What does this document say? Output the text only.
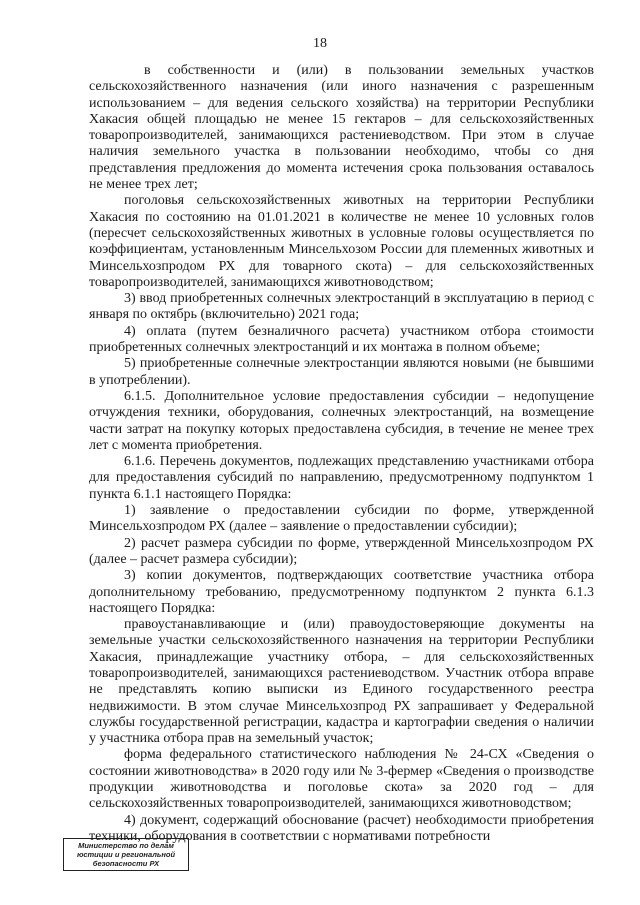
18

в собственности и (или) в пользовании земельных участков сельскохозяйственного назначения (или иного назначения с разрешенным использованием – для ведения сельского хозяйства) на территории Республики Хакасия общей площадью не менее 15 гектаров – для сельскохозяйственных товаропроизводителей, занимающихся растениеводством. При этом в случае наличия земельного участка в пользовании необходимо, чтобы со дня представления предложения до момента истечения срока пользования оставалось не менее трех лет;

поголовья сельскохозяйственных животных на территории Республики Хакасия по состоянию на 01.01.2021 в количестве не менее 10 условных голов (пересчет сельскохозяйственных животных в условные головы осуществляется по коэффициентам, установленным Минсельхозом России для племенных животных и Минсельхозпродом РХ для товарного скота) – для сельскохозяйственных товаропроизводителей, занимающихся животноводством;

3) ввод приобретенных солнечных электростанций в эксплуатацию в период с января по октябрь (включительно) 2021 года;

4) оплата (путем безналичного расчета) участником отбора стоимости приобретенных солнечных электростанций и их монтажа в полном объеме;

5) приобретенные солнечные электростанции являются новыми (не бывшими в употреблении).

6.1.5. Дополнительное условие предоставления субсидии – недопущение отчуждения техники, оборудования, солнечных электростанций, на возмещение части затрат на покупку которых предоставлена субсидия, в течение не менее трех лет с момента приобретения.

6.1.6. Перечень документов, подлежащих представлению участниками отбора для предоставления субсидий по направлению, предусмотренному подпунктом 1 пункта 6.1.1 настоящего Порядка:

1) заявление о предоставлении субсидии по форме, утвержденной Минсельхозпродом РХ (далее – заявление о предоставлении субсидии);

2) расчет размера субсидии по форме, утвержденной Минсельхозпродом РХ (далее – расчет размера субсидии);

3) копии документов, подтверждающих соответствие участника отбора дополнительному требованию, предусмотренному подпунктом 2 пункта 6.1.3 настоящего Порядка:

правоустанавливающие и (или) правоудостоверяющие документы на земельные участки сельскохозяйственного назначения на территории Республики Хакасия, принадлежащие участнику отбора, – для сельскохозяйственных товаропроизводителей, занимающихся растениеводством. Участник отбора вправе не представлять копию выписки из Единого государственного реестра недвижимости. В этом случае Минсельхозпрод РХ запрашивает у Федеральной службы государственной регистрации, кадастра и картографии сведения о наличии у участника отбора прав на земельный участок;

форма федерального статистического наблюдения № 24-СХ «Сведения о состоянии животноводства» в 2020 году или № 3-фермер «Сведения о производстве продукции животноводства и поголовье скота» за 2020 год – для сельскохозяйственных товаропроизводителей, занимающихся животноводством;

4) документ, содержащий обоснование (расчет) необходимости приобретения техники, оборудования в соответствии с нормативами потребности

Министерство по делам
юстиции и региональной
безопасности РХ
